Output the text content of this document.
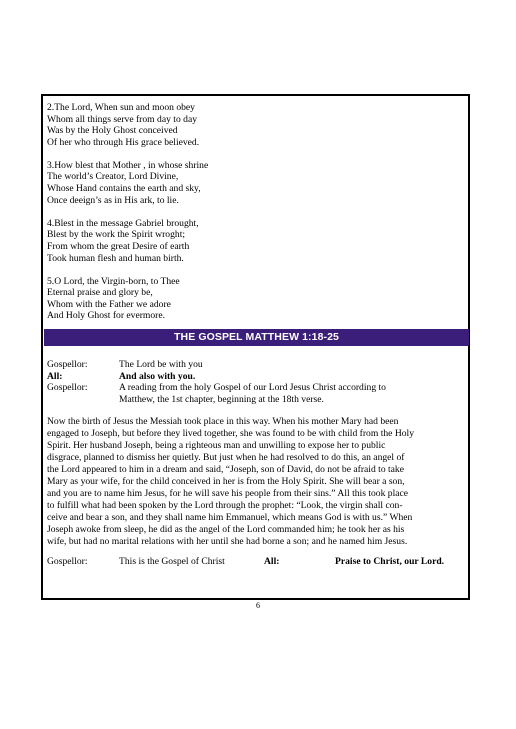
2.The Lord, When sun and moon obey
Whom all things serve from day to day
Was by the Holy Ghost conceived
Of her who through His grace believed.
3.How blest that Mother , in whose shrine
The world’s Creator, Lord Divine,
Whose Hand contains the earth and sky,
Once deeign’s as in His ark, to lie.
4.Blest in the message Gabriel brought,
Blest by the work the Spirit wroght;
From whom the great Desire of earth
Took human flesh and human birth.
5.O Lord, the Virgin-born, to Thee
Eternal praise and glory be,
Whom with the Father we adore
And Holy Ghost for evermore.
THE GOSPEL MATTHEW 1:18-25
Gospellor:	The Lord be with you
All:	And also with you.
Gospellor:	A reading from the holy Gospel of our Lord Jesus Christ according to
Matthew, the 1st chapter, beginning at the 18th verse.
Now the birth of Jesus the Messiah took place in this way. When his mother Mary had been
engaged to Joseph, but before they lived together, she was found to be with child from the Holy
Spirit. Her husband Joseph, being a righteous man and unwilling to expose her to public
disgrace, planned to dismiss her quietly. But just when he had resolved to do this, an angel of
the Lord appeared to him in a dream and said, “Joseph, son of David, do not be afraid to take
Mary as your wife, for the child conceived in her is from the Holy Spirit. She will bear a son,
and you are to name him Jesus, for he will save his people from their sins.” All this took place
to fulfill what had been spoken by the Lord through the prophet: “Look, the virgin shall con-
ceive and bear a son, and they shall name him Emmanuel, which means God is with us.” When
Joseph awoke from sleep, he did as the angel of the Lord commanded him; he took her as his
wife, but had no marital relations with her until she had borne a son; and he named him Jesus.
Gospellor:	This is the Gospel of Christ	All:	Praise to Christ, our Lord.
6
